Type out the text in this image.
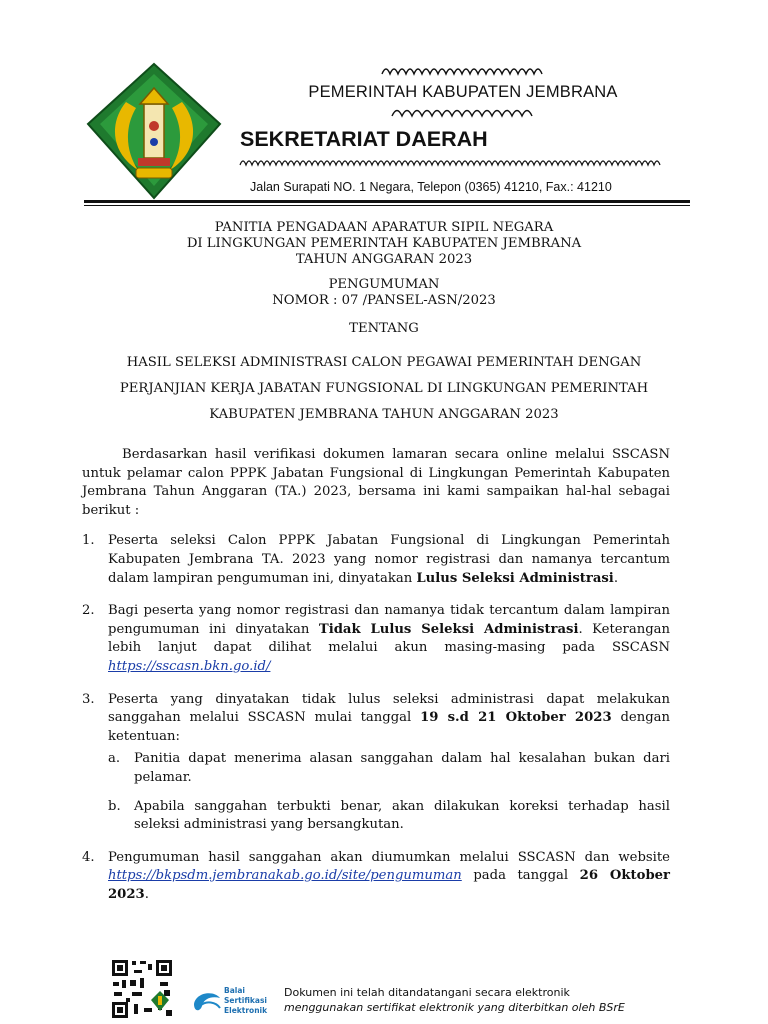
PEMERINTAH KABUPATEN JEMBRANA
SEKRETARIAT DAERAH
Jalan Surapati NO. 1 Negara, Telepon (0365) 41210, Fax.: 41210
PANITIA PENGADAAN APARATUR SIPIL NEGARA
DI LINGKUNGAN PEMERINTAH KABUPATEN JEMBRANA
TAHUN ANGGARAN 2023
PENGUMUMAN
NOMOR : 07 /PANSEL-ASN/2023
TENTANG
HASIL SELEKSI ADMINISTRASI CALON PEGAWAI PEMERINTAH DENGAN
PERJANJIAN KERJA JABATAN FUNGSIONAL DI LINGKUNGAN PEMERINTAH
KABUPATEN JEMBRANA TAHUN ANGGARAN 2023

Berdasarkan hasil verifikasi dokumen lamaran secara online melalui SSCASN untuk pelamar calon PPPK Jabatan Fungsional di Lingkungan Pemerintah Kabupaten Jembrana Tahun Anggaran (TA.) 2023, bersama ini kami sampaikan hal-hal sebagai berikut :

1. Peserta seleksi Calon PPPK Jabatan Fungsional di Lingkungan Pemerintah Kabupaten Jembrana TA. 2023 yang nomor registrasi dan namanya tercantum dalam lampiran pengumuman ini, dinyatakan Lulus Seleksi Administrasi.
2. Bagi peserta yang nomor registrasi dan namanya tidak tercantum dalam lampiran pengumuman ini dinyatakan Tidak Lulus Seleksi Administrasi. Keterangan lebih lanjut dapat dilihat melalui akun masing-masing pada SSCASN https://sscasn.bkn.go.id/
3. Peserta yang dinyatakan tidak lulus seleksi administrasi dapat melakukan sanggahan melalui SSCASN mulai tanggal 19 s.d 21 Oktober 2023 dengan ketentuan:
a. Panitia dapat menerima alasan sanggahan dalam hal kesalahan bukan dari pelamar.
b. Apabila sanggahan terbukti benar, akan dilakukan koreksi terhadap hasil seleksi administrasi yang bersangkutan.
4. Pengumuman hasil sanggahan akan diumumkan melalui SSCASN dan website https://bkpsdm.jembranakab.go.id/site/pengumuman pada tanggal 26 Oktober 2023.
Balai
Sertifikasi
Elektronik
Dokumen ini telah ditandatangani secara elektronik
menggunakan sertifikat elektronik yang diterbitkan oleh BSrE
